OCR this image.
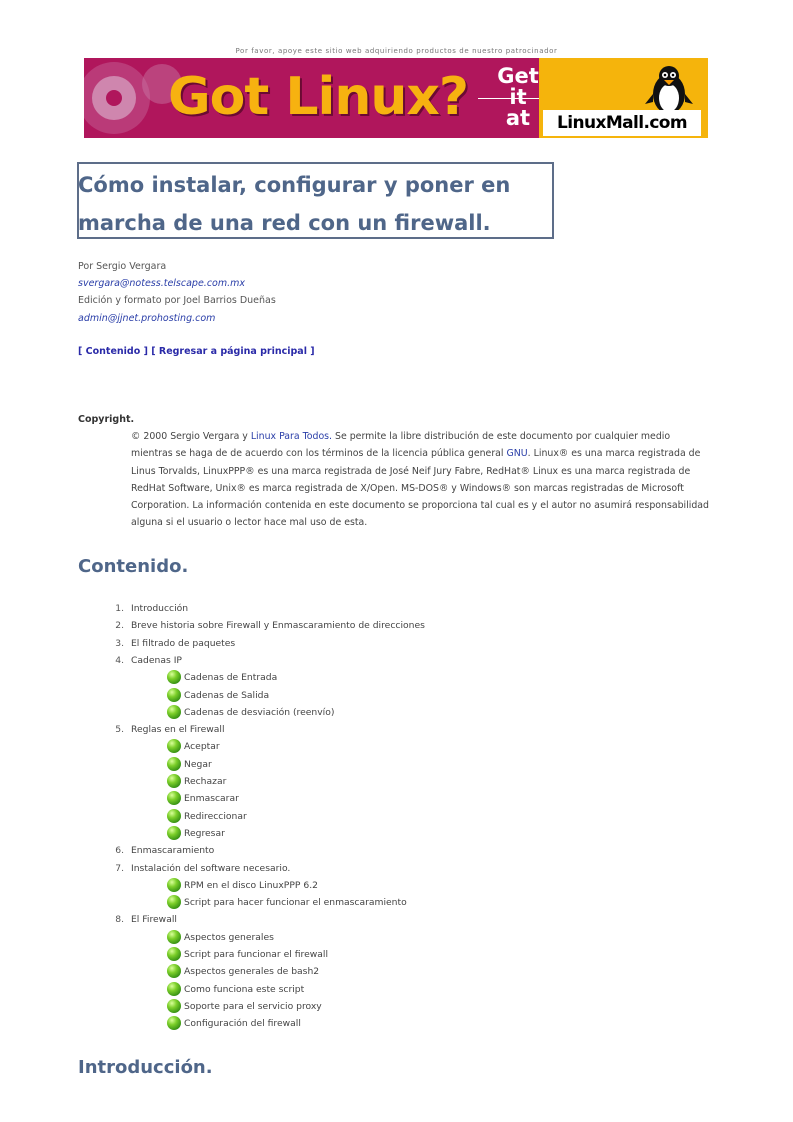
Por favor, apoye este sitio web adquiriendo productos de nuestro patrocinador
Got Linux? Get
it
at	LinuxMall.com
Cómo instalar, configurar y poner en marcha de una red con un firewall.
Por Sergio Vergara
svergara@notess.telscape.com.mx
Edición y formato por Joel Barrios Dueñas
admin@jjnet.prohosting.com
[ Contenido ] [ Regresar a página principal ]
Copyright.

© 2000 Sergio Vergara y Linux Para Todos. Se permite la libre distribución de este documento por cualquier medio mientras se haga de de acuerdo con los términos de la licencia pública general GNU. Linux® es una marca registrada de Linus Torvalds, LinuxPPP® es una marca registrada de José Neif Jury Fabre, RedHat® Linux es una marca registrada de RedHat Software, Unix® es marca registrada de X/Open. MS-DOS® y Windows® son marcas registradas de Microsoft Corporation. La información contenida en este documento se proporciona tal cual es y el autor no asumirá responsabilidad alguna si el usuario o lector hace mal uso de esta.

Contenido.
1. Introducción
2. Breve historia sobre Firewall y Enmascaramiento de direcciones
3. El filtrado de paquetes
4. Cadenas IP
Cadenas de Entrada
Cadenas de Salida
Cadenas de desviación (reenvío)
5. Reglas en el Firewall
Aceptar
Negar
Rechazar
Enmascarar
Redireccionar
Regresar
6. Enmascaramiento
7. Instalación del software necesario.
RPM en el disco LinuxPPP 6.2
Script para hacer funcionar el enmascaramiento
8. El Firewall
Aspectos generales
Script para funcionar el firewall
Aspectos generales de bash2
Como funciona este script
Soporte para el servicio proxy
Configuración del firewall
Introducción.
